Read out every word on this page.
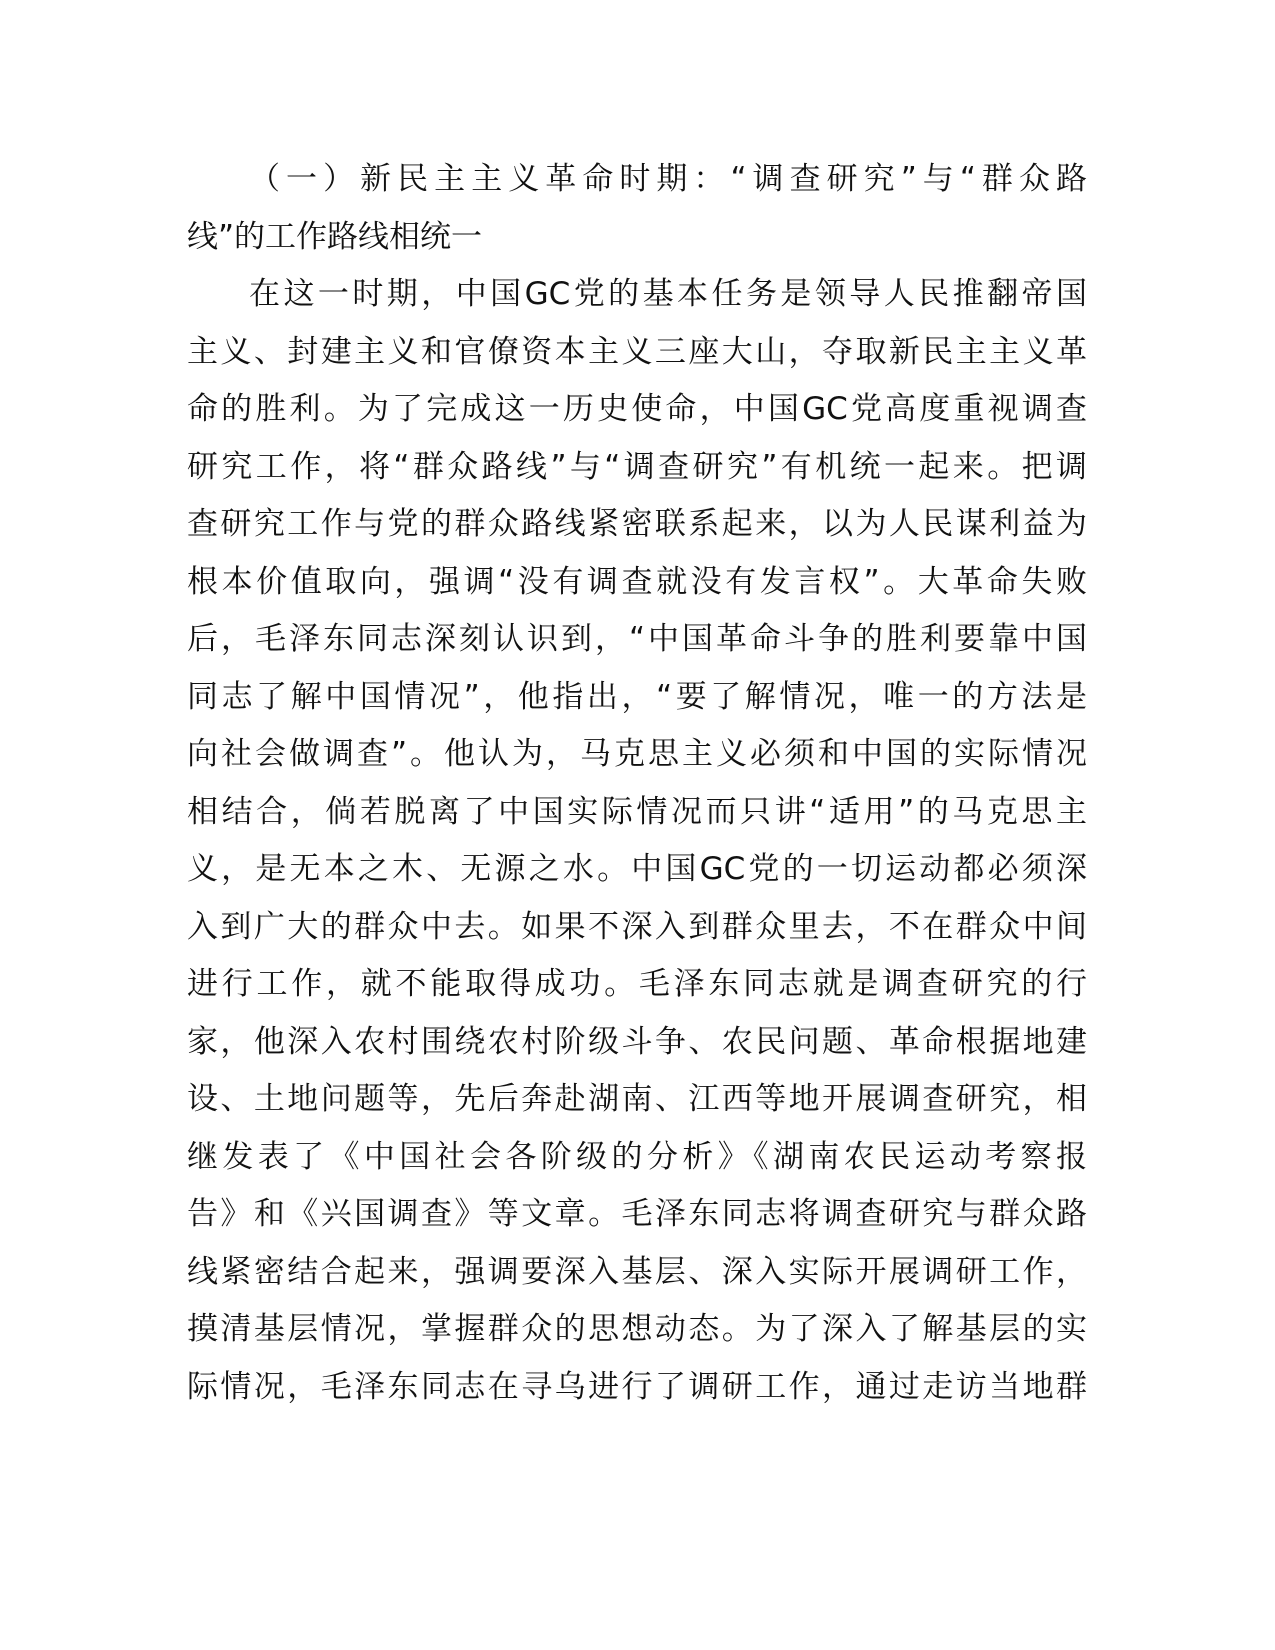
（一）新民主主义革命时期：“调查研究”与“群众路
线”的工作路线相统一
在这一时期，中国GC党的基本任务是领导人民推翻帝国
主义、封建主义和官僚资本主义三座大山，夺取新民主主义革
命的胜利。为了完成这一历史使命，中国GC党高度重视调查
研究工作，将“群众路线”与“调查研究”有机统一起来。把调
查研究工作与党的群众路线紧密联系起来，以为人民谋利益为
根本价值取向，强调“没有调查就没有发言权”。大革命失败
后，毛泽东同志深刻认识到，“中国革命斗争的胜利要靠中国
同志了解中国情况”，他指出，“要了解情况，唯一的方法是
向社会做调查”。他认为，马克思主义必须和中国的实际情况
相结合，倘若脱离了中国实际情况而只讲“适用”的马克思主
义，是无本之木、无源之水。中国GC党的一切运动都必须深
入到广大的群众中去。如果不深入到群众里去，不在群众中间
进行工作，就不能取得成功。毛泽东同志就是调查研究的行
家，他深入农村围绕农村阶级斗争、农民问题、革命根据地建
设、土地问题等，先后奔赴湖南、江西等地开展调查研究，相
继发表了《中国社会各阶级的分析》《湖南农民运动考察报
告》和《兴国调查》等文章。毛泽东同志将调查研究与群众路
线紧密结合起来，强调要深入基层、深入实际开展调研工作，
摸清基层情况，掌握群众的思想动态。为了深入了解基层的实
际情况，毛泽东同志在寻乌进行了调研工作，通过走访当地群
